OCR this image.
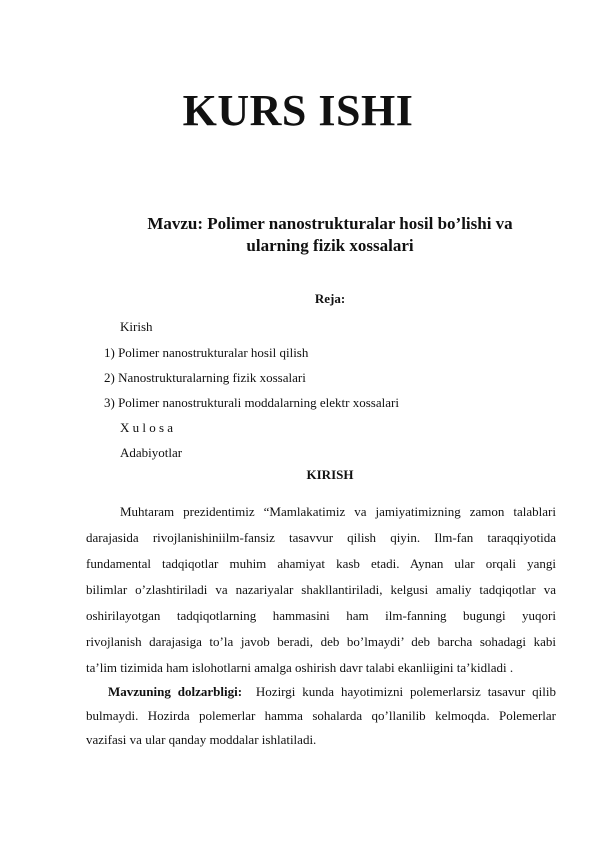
KURS ISHI
Mavzu: Polimer nanostrukturalar hosil bo’lishi va
ularning fizik xossalari
Reja:
Kirish
1) Polimer nanostrukturalar hosil qilish
2) Nanostrukturalarning fizik xossalari
3) Polimer nanostrukturali moddalarning elektr xossalari
X u l o s a
Adabiyotlar
KIRISH
Muhtaram prezidentimiz “Mamlakatimiz va jamiyatimizning zamon talablari
darajasida rivojlanishiniilm-fansiz tasavvur qilish qiyin. Ilm-fan taraqqiyotida
fundamental tadqiqotlar muhim ahamiyat kasb etadi. Aynan ular orqali yangi
bilimlar o’zlashtiriladi va nazariyalar shakllantiriladi, kelgusi amaliy tadqiqotlar va
oshirilayotgan tadqiqotlarning hammasini ham ilm-fanning bugungi yuqori
rivojlanish darajasiga to’la javob beradi, deb bo’lmaydi’ deb barcha sohadagi kabi
ta’lim tizimida ham islohotlarni amalga oshirish davr talabi ekanliigini ta’kidladi .
Mavzuning dolzarbligi: Hozirgi kunda hayotimizni polemerlarsiz tasavur qilib
bulmaydi. Hozirda polemerlar hamma sohalarda qo’llanilib kelmoqda. Polemerlar
vazifasi va ular qanday moddalar ishlatiladi.
